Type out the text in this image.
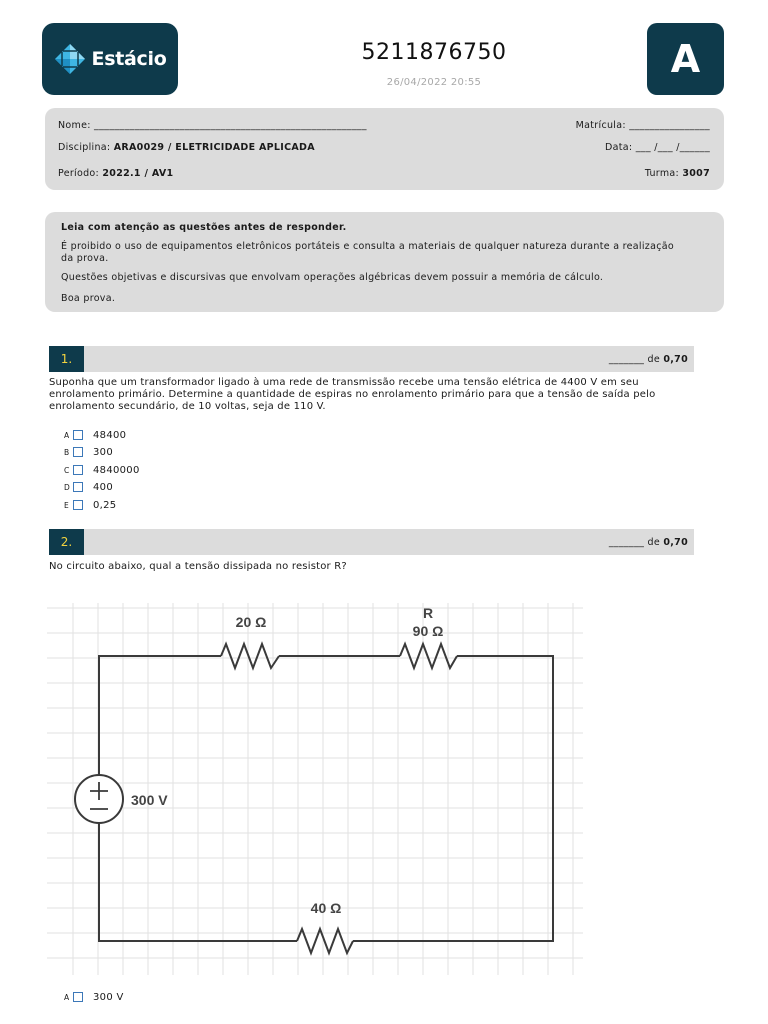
Estácio	5211876750
26/04/2022 20:55
A
Nome: ______________________________________________________	Matrícula: ________________
Disciplina: ARA0029 / ELETRICIDADE APLICADA	Data: ___ /___ /______
Período: 2022.1 / AV1	Turma: 3007

Leia com atenção as questões antes de responder.

É proibido o uso de equipamentos eletrônicos portáteis e consulta a materiais de qualquer natureza durante a realização da prova.

Questões objetivas e discursivas que envolvam operações algébricas devem possuir a memória de cálculo.

Boa prova.

1.	_______ de 0,70
Suponha que um transformador ligado à uma rede de transmissão recebe uma tensão elétrica de 4400 V em seu enrolamento primário. Determine a quantidade de espiras no enrolamento primário para que a tensão de saída pelo enrolamento secundário, de 10 voltas, seja de 110 V.
A	48400
B	300
C	4840000
D 400
E	0,25
2.	_______ de 0,70
No circuito abaixo, qual a tensão dissipada no resistor R?
20 Ω
R
90 Ω
300 V
40 Ω
A	300 V
